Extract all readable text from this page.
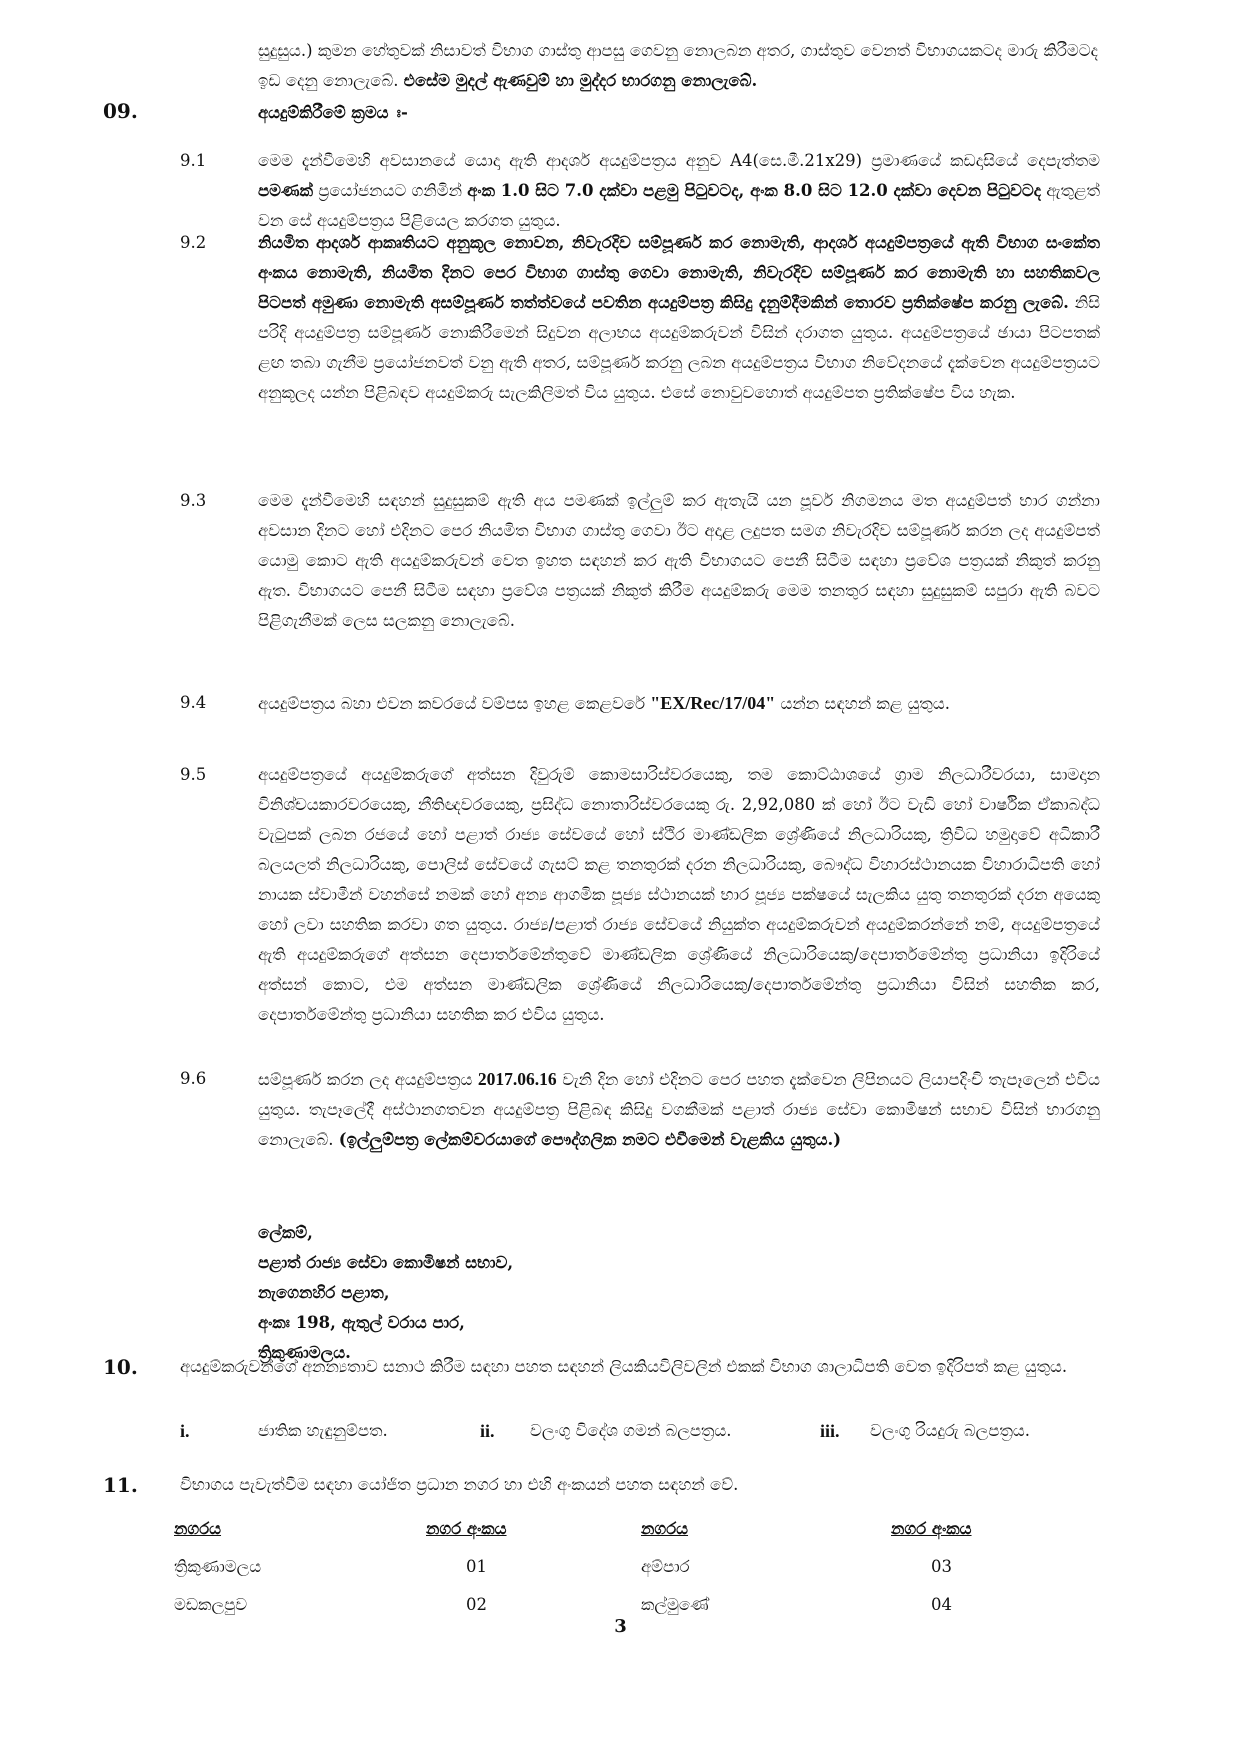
සුදුසුය.) කුමන හේතුවක් නිසාවත් විභාග ගාස්තු ආපසු ගෙවනු නොලබන අතර, ගාස්තුව වෙනත් විභාගයකටද මාරු කිරීමටද ඉඩ දෙනු නොලැබේ. එසේම මුදල් ඇණවුම් හා මුද්දර භාරගනු නොලැබේ.
09.	අයදුම්කිරීමේ ක්‍රමය ඃ-
9.1	මෙම දැන්වීමෙහි අවසානයේ යොදා ඇති ආදර්ශ අයදුම්පත්‍රය අනුව A4(සෙ.මී.21x29) ප්‍රමාණයේ කඩදාසියේ දෙපැත්තම පමණක් ප්‍රයෝජනයට ගනිමින් අංක 1.0 සිට 7.0 දක්වා පළමු පිටුවටද, අංක 8.0 සිට 12.0 දක්වා දෙවන පිටුවටද ඇතුළත් වන සේ අයදුම්පත්‍රය පිළියෙල කරගත යුතුය.
9.2	නියමිත ආදර්ශ ආකෘතියට අනුකූල නොවන, නිවැරදිව සම්පූර්ණ කර නොමැති, ආදර්ශ අයදුම්පත්‍රයේ ඇති විභාග සංකේත අංකය නොමැති, නියමිත දිනට පෙර විභාග ගාස්තු ගෙවා නොමැති, නිවැරදිව සම්පූර්ණ කර නොමැති හා සහතිකවල පිටපත් අමුණා නොමැති අසම්පූර්ණ තත්ත්වයේ පවතින අයදුම්පත්‍ර කිසිදු දැනුම්දීමකින් තොරව ප්‍රතික්ෂේප කරනු ලැබේ. නිසි පරිදි අයදුම්පත්‍ර සම්පූර්ණ නොකිරීමෙන් සිදුවන අලාභය අයදුම්කරුවන් විසින් දරාගත යුතුය. අයදුම්පත්‍රයේ ඡායා පිටපතක් ළඟ තබා ගැනීම ප්‍රයෝජනවත් වනු ඇති අතර, සම්පූර්ණ කරනු ලබන අයදුම්පත්‍රය විභාග නිවේදනයේ දැක්වෙන අයදුම්පත්‍රයට අනුකූලද යන්න පිළිබඳව අයදුම්කරු සැලකිලිමත් විය යුතුය. එසේ නොවුවහොත් අයදුම්පත ප්‍රතික්ෂේප විය හැක.
9.3	මෙම දැන්වීමෙහි සඳහන් සුදුසුකම් ඇති අය පමණක් ඉල්ලුම් කර ඇතැයි යන පූර්ව නිගමනය මත අයදුම්පත් භාර ගන්නා අවසාන දිනට හෝ එදිනට පෙර නියමිත විභාග ගාස්තු ගෙවා ඊට අදාළ ලදුපත සමග නිවැරදිව සම්පූර්ණ කරන ලද අයදුම්පත් යොමු කොට ඇති අයදුම්කරුවන් වෙත ඉහත සඳහන් කර ඇති විභාගයට පෙනී සිටීම සඳහා ප්‍රවේශ පත්‍රයක් නිකුත් කරනු ඇත. විභාගයට පෙනී සිටීම සඳහා ප්‍රවේශ පත්‍රයක් නිකුත් කිරීම අයදුම්කරු මෙම තනතුර සඳහා සුදුසුකම් සපුරා ඇති බවට පිළිගැනීමක් ලෙස සලකනු නොලැබේ.
9.4	අයදුම්පත්‍රය බහා එවන කවරයේ වම්පස ඉහළ කෙළවරේ "EX/Rec/17/04" යන්න සඳහන් කළ යුතුය.
9.5	අයදුම්පත්‍රයේ අයදුම්කරුගේ අත්සන දිවුරුම් කොමසාරිස්වරයෙකු, තම කොට්ඨාශයේ ග්‍රාම නිලධාරීවරයා, සාමදාන විනිශ්චයකාරවරයෙකු, නීතිඥවරයෙකු, ප්‍රසිද්ධ නොතාරිස්වරයෙකු රු. 2,92,080 ක් හෝ ඊට වැඩි හෝ වාර්ෂික ඒකාබද්ධ වැටුපක් ලබන රජයේ හෝ පළාත් රාජ්‍ය සේවයේ හෝ ස්ථිර මාණ්ඩලික ශ්‍රේණියේ නිලධාරියකු, ත්‍රිවිධ හමුදාවේ අධිකාරී බලයලත් නිලධාරියකු, පොලිස් සේවයේ ගැසට් කළ තනතුරක් දරන නිලධාරියකු, බෞද්ධ විහාරස්ථානයක විහාරාධිපති හෝ නායක ස්වාමීන් වහන්සේ නමක් හෝ අන්‍ය ආගමික පූජ්‍ය ස්ථානයක් භාර පූජ්‍ය පක්ෂයේ සැලකිය යුතු තනතුරක් දරන අයෙකු හෝ ලවා සහතික කරවා ගත යුතුය. රාජ්‍ය/පළාත් රාජ්‍ය සේවයේ නියුක්ත අයදුම්කරුවන් අයදුම්කරන්නේ නම්, අයදුම්පත්‍රයේ ඇති අයදුම්කරුගේ අත්සන දෙපාර්තමේන්තුවේ මාණ්ඩලික ශ්‍රේණියේ නිලධාරියෙකු/දෙපාර්තමේන්තු ප්‍රධානියා ඉදිරියේ අත්සන් කොට, එම අත්සන මාණ්ඩලික ශ්‍රේණියේ නිලධාරියෙකු/දෙපාර්තමේන්තු ප්‍රධානියා විසින් සහතික කර, දෙපාර්තමේන්තු ප්‍රධානියා සහතික කර එවිය යුතුය.
9.6	සම්පූර්ණ කරන ලද අයදුම්පත්‍රය 2017.06.16 වැනි දින හෝ එදිනට පෙර පහත දැක්වෙන ලිපිනයට ලියාපදිංචි තැපෑලෙන් එවිය යුතුය. තැපෑලේදී අස්ථානගතවන අයදුම්පත්‍ර පිළිබඳ කිසිදු වගකීමක් පළාත් රාජ්‍ය සේවා කොමිෂන් සභාව විසින් භාරගනු නොලැබේ. (ඉල්ලුම්පත්‍ර ලේකම්වරයාගේ පෞද්ගලික නමට එවීමෙන් වැළකිය යුතුය.)
ලේකම්,
පළාත් රාජ්‍ය සේවා කොමිෂන් සභාව,
නැගෙනහිර පළාත,
අංකඃ 198, ඇතුල් වරාය පාර,
ත්‍රිකුණාමලය.
10.	අයදුම්කරුවන්ගේ අනන්‍යතාව සනාථ කිරීම සඳහා පහත සඳහන් ලියකියවිලිවලින් එකක් විභාග ශාලාධිපති වෙත ඉදිරිපත් කළ යුතුය.
i.	ජාතික හැඳුනුම්පත.	ii. වලංගු විදේශ ගමන් බලපත්‍රය.	iii. වලංගු රියදුරු බලපත්‍රය.
11.	විභාගය පැවැත්වීම සඳහා යෝජිත ප්‍රධාන නගර හා එහි අංකයන් පහත සඳහන් වේ.
නගරය	නගර අංකය	නගරය	නගර අංකය
ත්‍රිකුණාමලය	01	අම්පාර	03
මඩකලපුව	02	කල්මුණේ	04
3
